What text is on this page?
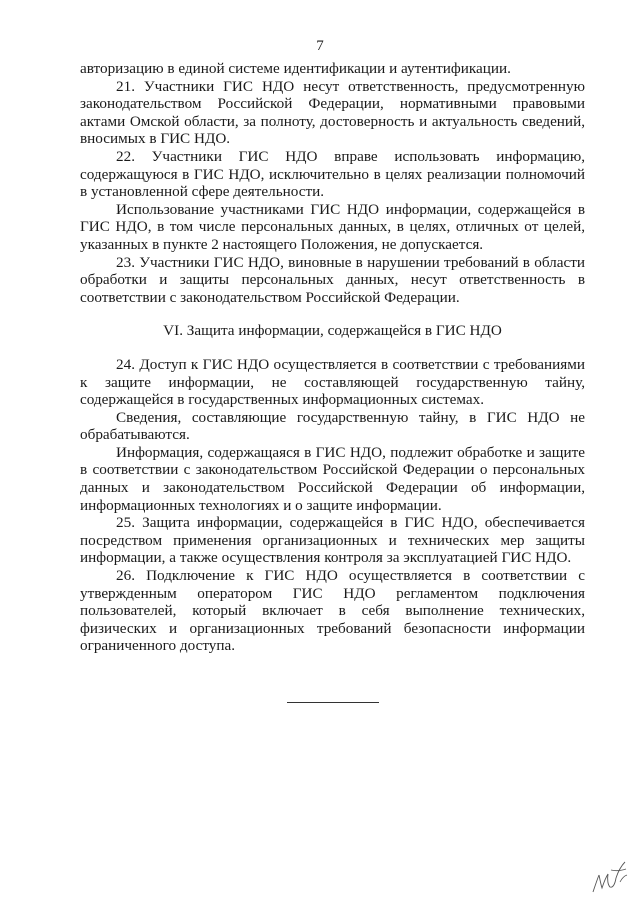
7

авторизацию в единой системе идентификации и аутентификации.

21. Участники ГИС НДО несут ответственность, предусмотренную законодательством Российской Федерации, нормативными правовыми актами Омской области, за полноту, достоверность и актуальность сведений, вносимых в ГИС НДО.

22. Участники ГИС НДО вправе использовать информацию, содержащуюся в ГИС НДО, исключительно в целях реализации полномочий в установленной сфере деятельности.

Использование участниками ГИС НДО информации, содержащейся в ГИС НДО, в том числе персональных данных, в целях, отличных от целей, указанных в пункте 2 настоящего Положения, не допускается.

23. Участники ГИС НДО, виновные в нарушении требований в области обработки и защиты персональных данных, несут ответственность в соответствии с законодательством Российской Федерации.

VI. Защита информации, содержащейся в ГИС НДО

24. Доступ к ГИС НДО осуществляется в соответствии с требованиями к защите информации, не составляющей государственную тайну, содержащейся в государственных информационных системах.

Сведения, составляющие государственную тайну, в ГИС НДО не обрабатываются.

Информация, содержащаяся в ГИС НДО, подлежит обработке и защите в соответствии с законодательством Российской Федерации о персональных данных и законодательством Российской Федерации об информации, информационных технологиях и о защите информации.

25. Защита информации, содержащейся в ГИС НДО, обеспечивается посредством применения организационных и технических мер защиты информации, а также осуществления контроля за эксплуатацией ГИС НДО.

26. Подключение к ГИС НДО осуществляется в соответствии с утвержденным оператором ГИС НДО регламентом подключения пользователей, который включает в себя выполнение технических, физических и организационных требований безопасности информации ограниченного доступа.
